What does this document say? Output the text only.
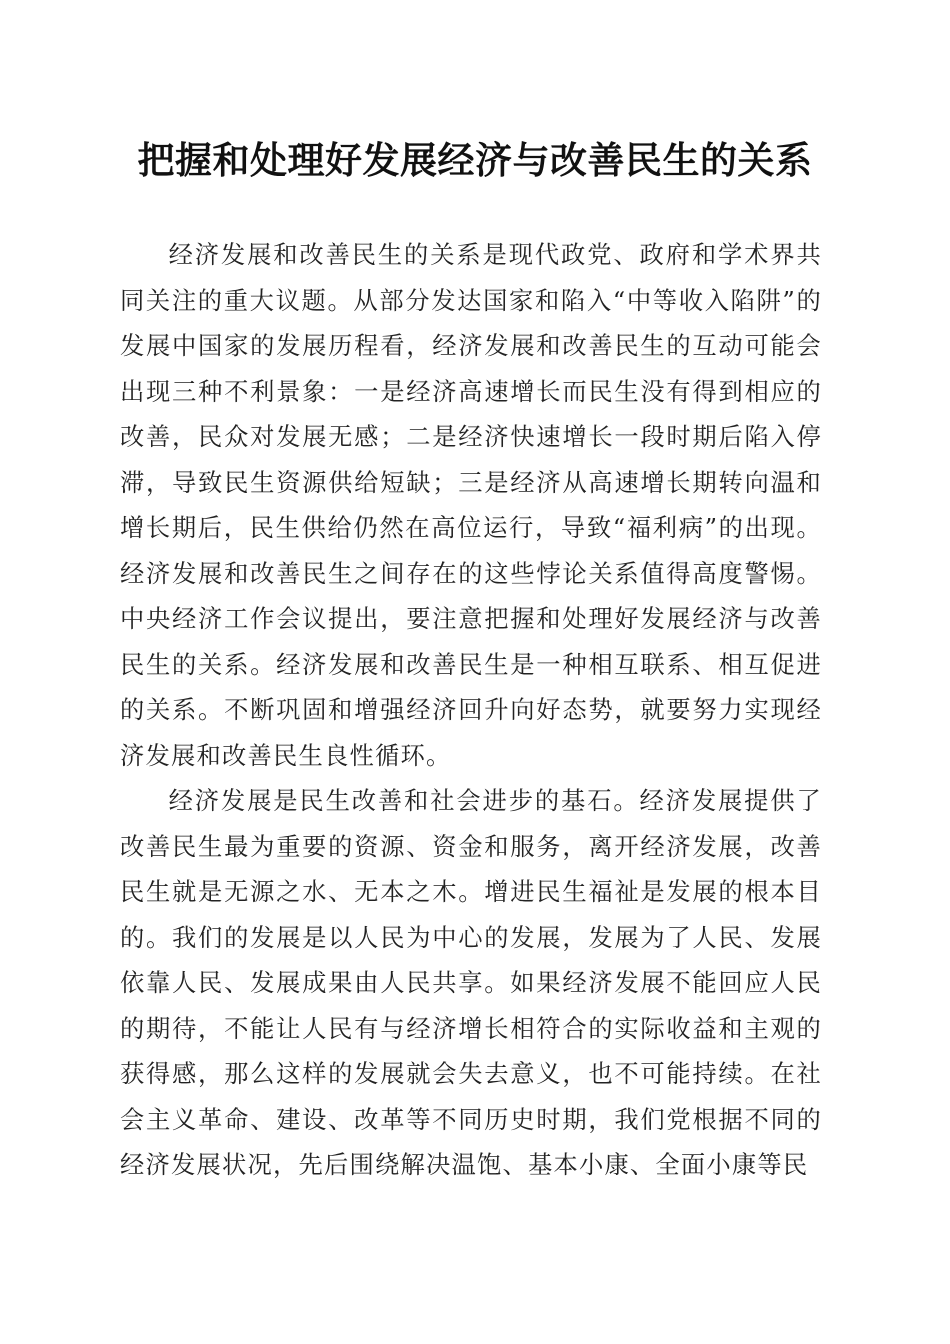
把握和处理好发展经济与改善民生的关系

经济发展和改善民生的关系是现代政党、政府和学术界共同关注的重大议题。从部分发达国家和陷入“中等收入陷阱”的发展中国家的发展历程看，经济发展和改善民生的互动可能会出现三种不利景象：一是经济高速增长而民生没有得到相应的改善，民众对发展无感；二是经济快速增长一段时期后陷入停滞，导致民生资源供给短缺；三是经济从高速增长期转向温和增长期后，民生供给仍然在高位运行，导致“福利病”的出现。经济发展和改善民生之间存在的这些悖论关系值得高度警惕。中央经济工作会议提出，要注意把握和处理好发展经济与改善民生的关系。经济发展和改善民生是一种相互联系、相互促进的关系。不断巩固和增强经济回升向好态势，就要努力实现经济发展和改善民生良性循环。

经济发展是民生改善和社会进步的基石。经济发展提供了改善民生最为重要的资源、资金和服务，离开经济发展，改善民生就是无源之水、无本之木。增进民生福祉是发展的根本目的。我们的发展是以人民为中心的发展，发展为了人民、发展依靠人民、发展成果由人民共享。如果经济发展不能回应人民的期待，不能让人民有与经济增长相符合的实际收益和主观的获得感，那么这样的发展就会失去意义，也不可能持续。在社会主义革命、建设、改革等不同历史时期，我们党根据不同的经济发展状况，先后围绕解决温饱、基本小康、全面小康等民
